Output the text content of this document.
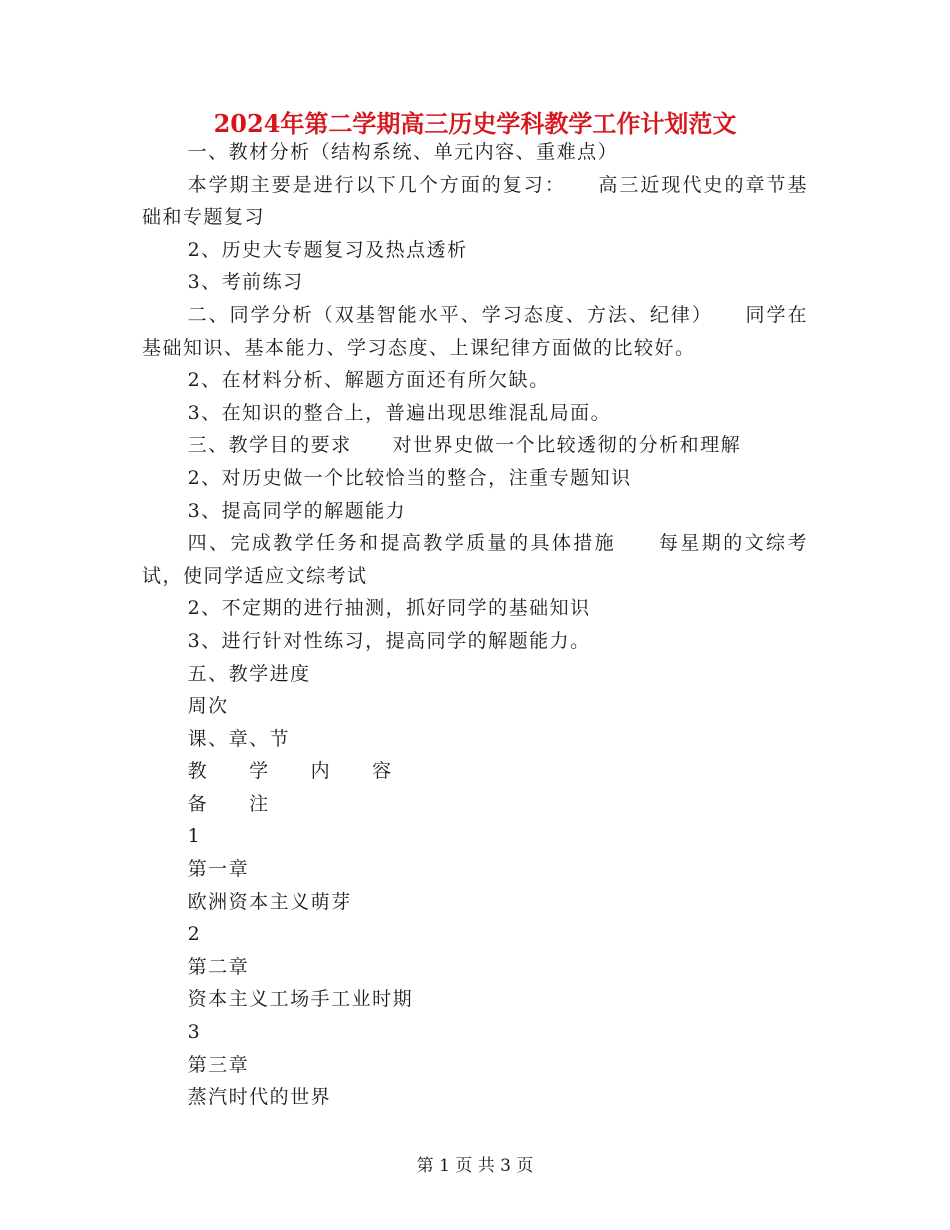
2024年第二学期高三历史学科教学工作计划范文

一、教材分析（结构系统、单元内容、重难点）

本学期主要是进行以下几个方面的复习：　　高三近现代史的章节基础和专题复习

2、历史大专题复习及热点透析

3、考前练习

二、同学分析（双基智能水平、学习态度、方法、纪律）　　同学在基础知识、基本能力、学习态度、上课纪律方面做的比较好。

2、在材料分析、解题方面还有所欠缺。

3、在知识的整合上，普遍出现思维混乱局面。

三、教学目的要求　　对世界史做一个比较透彻的分析和理解

2、对历史做一个比较恰当的整合，注重专题知识

3、提高同学的解题能力

四、完成教学任务和提高教学质量的具体措施　　每星期的文综考试，使同学适应文综考试

2、不定期的进行抽测，抓好同学的基础知识

3、进行针对性练习，提高同学的解题能力。

五、教学进度

周次

课、章、节

教　　学　　内　　容

备　　注

1

第一章

欧洲资本主义萌芽

2

第二章

资本主义工场手工业时期

3

第三章

蒸汽时代的世界

第 1 页 共 3 页
